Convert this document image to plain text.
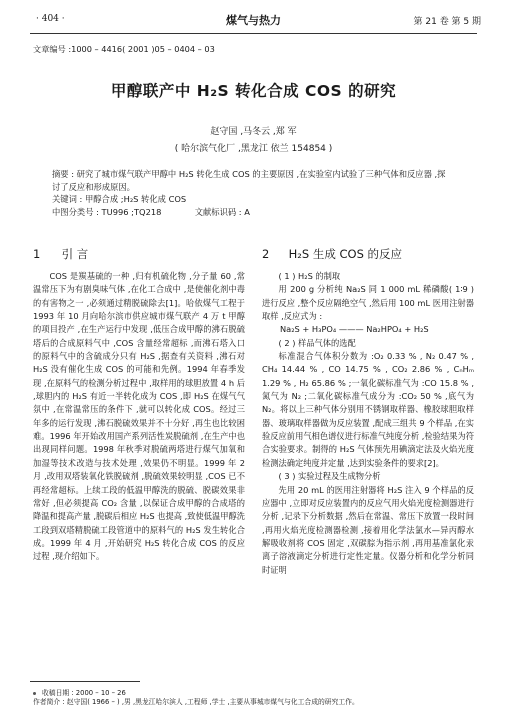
· 404 ·	煤气与热力	第 21 卷 第 5 期
文章编号 :1000 – 4416( 2001 )05 – 0404 – 03
甲醇联产中 H₂S 转化合成 COS 的研究
赵守国 ,马冬云 ,郑 军
( 哈尔滨气化厂 ,黑龙江 依兰 154854 )

摘要 : 研究了城市煤气联产甲醇中 H₂S 转化生成 COS 的主要原因 ,在实验室内试验了三种气体和反应器 ,探讨了反应和形成原因。

关键词 : 甲醇合成 ;H₂S 转化成 COS

中图分类号 : TU996 ;TQ218	文献标识码 : A

1 引 言

COS 是羰基硫的一种 ,归有机硫化物 ,分子量 60 ,常温常压下为有剧臭味气体 ,在化工合成中 ,是使催化剂中毒的有害物之一 ,必须通过精脱硫除去[1]。哈依煤气工程于 1993 年 10 月向哈尔滨市供应城市煤气联产 4 万 t 甲醇的项目投产 ,在生产运行中发现 ,低压合成甲醇的沸石脱硫塔后的合成原料气中 ,COS 含量经常超标 ,而沸石塔入口的原料气中的含硫成分只有 H₂S ,据查有关资料 ,沸石对 H₂S 没有催化生成 COS 的可能和先例。1994 年春季发现 ,在原料气的检测分析过程中 ,取样用的球胆放置 4 h 后 ,球胆内的 H₂S 有近一半转化成为 COS ,即 H₂S 在煤气气氛中 ,在常温常压的条件下 ,就可以转化成 COS。经过三年多的运行发现 ,沸石脱硫效果并不十分好 ,再生也比较困难。1996 年开始改用国产系列活性炭脱硫剂 ,在生产中也出现同样问题。1998 年秋季对脱硫两塔进行煤气加氧和加湿等技术改造与技术处理 ,效果仍不明显。1999 年 2 月 ,改用双塔装氧化铁脱硫剂 ,脱硫效果较明显 ,COS 已不再经常超标。上续工段的低温甲醇洗的脱硫、脱碳效果非常好 ,但必须提高 CO₂ 含量 ,以保证合成甲醇的合成塔的降温和提高产量 ,脱碳后相应 H₂S 也提高 ,致使低温甲醇洗工段到双塔精脱硫工段管道中的原料气的 H₂S 发生转化合成。1999 年 4 月 ,开始研究 H₂S 转化合成 COS 的反应过程 ,现介绍如下。

2 H₂S 生成 COS 的反应

( 1 ) H₂S 的制取

用 200 g 分析纯 Na₂S 同 1 000 mL 稀磷酸( 1∶9 )进行反应 ,整个反应隔绝空气 ,然后用 100 mL 医用注射器取样 ,反应式为 :

Na₂S + H₃PO₄ ——— Na₂HPO₄ + H₂S

( 2 ) 样品气体的选配

标准混合气体积分数为 :O₂ 0.33 % , N₂ 0.47 % , CH₄ 14.44 % , CO 14.75 % , CO₂ 2.86 % , CₙHₘ 1.29 % , H₂ 65.86 % ;一氧化碳标准气为 :CO 15.8 % ,氮气为 N₂ ;二氧化碳标准气成分为 :CO₂ 50 % ,底气为 N₂。将以上三种气体分别用不锈钢取样器、橡胶球胆取样器、玻璃取样器做为反应装置 ,配成三组共 9 个样品 ,在实验反应前用气相色谱仪进行标准气纯度分析 ,检验结果为符合实验要求。制得的 H₂S 气体预先用碘滴定法及火焰光度检测法确定纯度并定量 ,达到实验条件的要求[2]。

( 3 ) 实验过程及生成物分析

先用 20 mL 的医用注射器将 H₂S 注入 9 个样品的反应器中 ,立即对反应装置内的反应气用火焰光度检测器进行分析 ,记录下分析数据 ,然后在常温、常压下放置一段时间 ,再用火焰光度检测器检测 ,接着用化学法氯水—异丙醇水解吸收剂将 COS 固定 ,双碳腙为指示剂 ,再用基准氯化汞离子溶液滴定分析进行定性定量。仪器分析和化学分析同时证明

收稿日期 : 2000 – 10 – 26
作者简介 : 赵守国( 1966 – ) ,男 ,黑龙江哈尔滨人 ,工程师 ,学士 ,主要从事城市煤气与化工合成的研究工作。
